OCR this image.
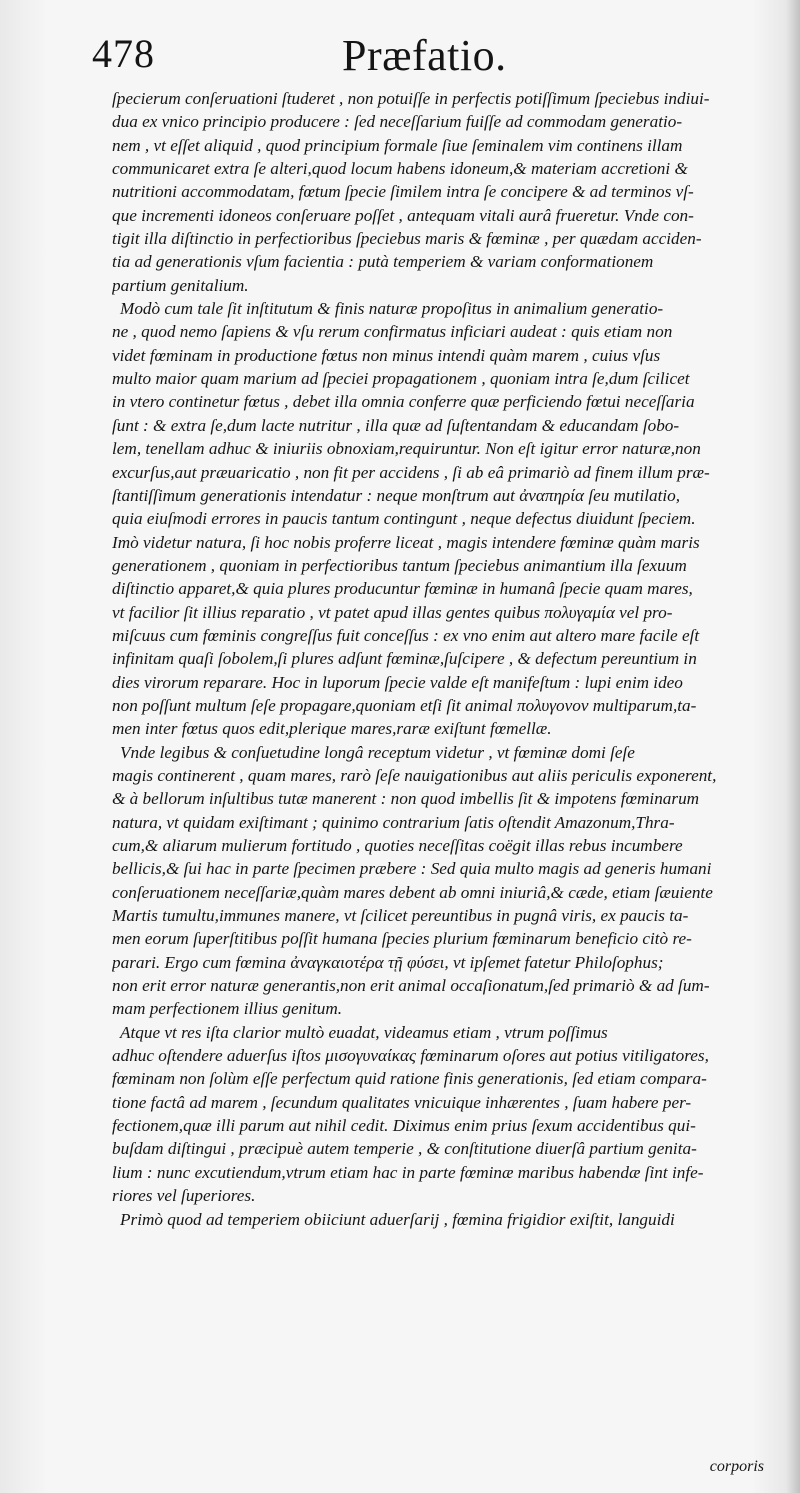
478	Præfatio.
ſpecierum conſeruationi ſtuderet , non potuiſſe in perfectis potiſſimum ſpeciebus indiui-
dua ex vnico principio producere : ſed neceſſarium fuiſſe ad commodam generatio-
nem , vt eſſet aliquid , quod principium formale ſiue ſeminalem vim continens illam
communicaret extra ſe alteri,quod locum habens idoneum,& materiam accretioni &
nutritioni accommodatam, fœtum ſpecie ſimilem intra ſe concipere & ad terminos vſ-
que incrementi idoneos conſeruare poſſet , antequam vitali aurâ frueretur. Vnde con-
tigit illa diſtinctio in perfectioribus ſpeciebus maris & fœminæ , per quædam acciden-
tia ad generationis vſum facientia : putà temperiem & variam conformationem
partium genitalium.
Modò cum tale ſit inſtitutum & finis naturæ propoſitus in animalium generatio-
ne , quod nemo ſapiens & vſu rerum confirmatus inficiari audeat : quis etiam non
videt fœminam in productione fœtus non minus intendi quàm marem , cuius vſus
multo maior quam marium ad ſpeciei propagationem , quoniam intra ſe,dum ſcilicet
in vtero continetur fœtus , debet illa omnia conferre quæ perficiendo fœtui neceſſaria
ſunt : & extra ſe,dum lacte nutritur , illa quæ ad ſuſtentandam & educandam ſobo-
lem, tenellam adhuc & iniuriis obnoxiam,requiruntur. Non eſt igitur error naturæ,non
excurſus,aut præuaricatio , non fit per accidens , ſi ab eâ primariò ad finem illum præ-
ſtantiſſimum generationis intendatur : neque monſtrum aut ἀναπηρία ſeu mutilatio,
quia eiuſmodi errores in paucis tantum contingunt , neque defectus diuidunt ſpeciem.
Imò videtur natura, ſi hoc nobis proferre liceat , magis intendere fœminæ quàm maris
generationem , quoniam in perfectioribus tantum ſpeciebus animantium illa ſexuum
diſtinctio apparet,& quia plures producuntur fœminæ in humanâ ſpecie quam mares,
vt facilior ſit illius reparatio , vt patet apud illas gentes quibus πολυγαμία vel pro-
miſcuus cum fœminis congreſſus fuit conceſſus : ex vno enim aut altero mare facile eſt
infinitam quaſi ſobolem,ſi plures adſunt fœminæ,ſuſcipere , & defectum pereuntium in
dies virorum reparare. Hoc in luporum ſpecie valde eſt manifeſtum : lupi enim ideo
non poſſunt multum ſeſe propagare,quoniam etſi ſit animal πολυγονον multiparum,ta-
men inter fœtus quos edit,plerique mares,raræ exiſtunt fœmellæ.
Vnde legibus & conſuetudine longâ receptum videtur , vt fœminæ domi ſeſe
magis continerent , quam mares, rarò ſeſe nauigationibus aut aliis periculis exponerent,
& à bellorum inſultibus tutæ manerent : non quod imbellis ſit & impotens fœminarum
natura, vt quidam exiſtimant ; quinimo contrarium ſatis oſtendit Amazonum,Thra-
cum,& aliarum mulierum fortitudo , quoties neceſſitas coëgit illas rebus incumbere
bellicis,& ſui hac in parte ſpecimen præbere : Sed quia multo magis ad generis humani
conſeruationem neceſſariæ,quàm mares debent ab omni iniuriâ,& cæde, etiam ſæuiente
Martis tumultu,immunes manere, vt ſcilicet pereuntibus in pugnâ viris, ex paucis ta-
men eorum ſuperſtitibus poſſit humana ſpecies plurium fœminarum beneficio citò re-
parari. Ergo cum fœmina ἀναγκαιοτέρα τῇ φύσει, vt ipſemet fatetur Philoſophus;
non erit error naturæ generantis,non erit animal occaſionatum,ſed primariò & ad ſum-
mam perfectionem illius genitum.
Atque vt res iſta clarior multò euadat, videamus etiam , vtrum poſſimus
adhuc oſtendere aduerſus iſtos μισογυναίκας fœminarum oſores aut potius vitiligatores,
fœminam non ſolùm eſſe perfectum quid ratione finis generationis, ſed etiam compara-
tione factâ ad marem , ſecundum qualitates vnicuique inhærentes , ſuam habere per-
fectionem,quæ illi parum aut nihil cedit. Diximus enim prius ſexum accidentibus qui-
buſdam diſtingui , præcipuè autem temperie , & conſtitutione diuerſâ partium genita-
lium : nunc excutiendum,vtrum etiam hac in parte fœminæ maribus habendæ ſint infe-
riores vel ſuperiores.
Primò quod ad temperiem obiiciunt aduerſarij , fœmina frigidior exiſtit, languidi
corporis
